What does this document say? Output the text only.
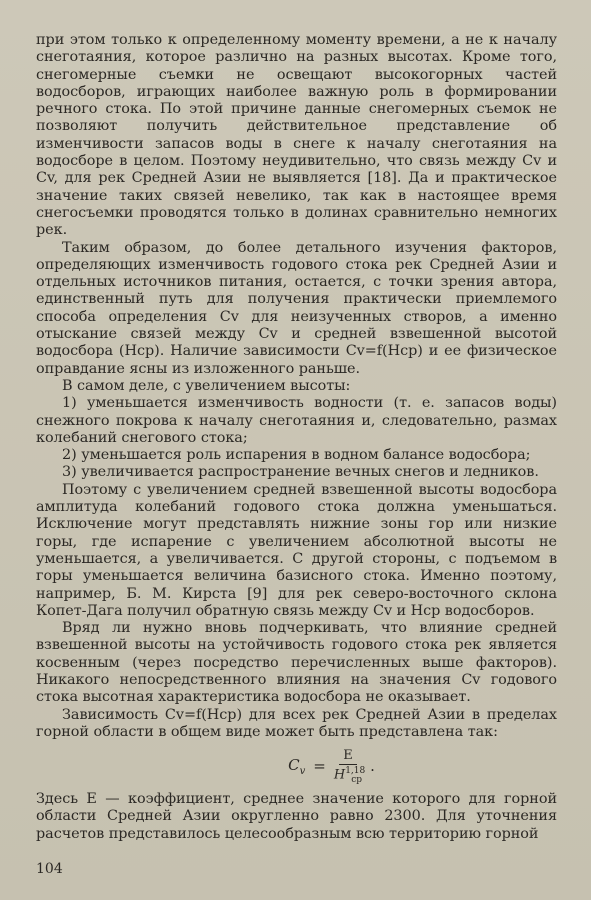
при этом только к определенному моменту времени, а не к началу снеготаяния, которое различно на разных высотах. Кроме того, снегомерные съемки не освещают высокогорных частей водосборов, играющих наиболее важную роль в формировании речного стока. По этой причине данные снегомерных съемок не позволяют получить действительное представление об изменчивости запасов воды в снеге к началу снеготаяния на водосборе в целом. Поэтому неудивительно, что связь между Cv и Cv, для рек Средней Азии не выявляется [18]. Да и практическое значение таких связей невелико, так как в настоящее время снегосъемки проводятся только в долинах сравнительно немногих рек.

Таким образом, до более детального изучения факторов, определяющих изменчивость годового стока рек Средней Азии и отдельных источников питания, остается, с точки зрения автора, единственный путь для получения практически приемлемого способа определения Cv для неизученных створов, а именно отыскание связей между Cv и средней взвешенной высотой водосбора (Hср). Наличие зависимости Cv=f(Hср) и ее физическое оправдание ясны из изложенного раньше.

В самом деле, с увеличением высоты:

1) уменьшается изменчивость водности (т. е. запасов воды) снежного покрова к началу снеготаяния и, следовательно, размах колебаний снегового стока;

2) уменьшается роль испарения в водном балансе водосбора;

3) увеличивается распространение вечных снегов и ледников.

Поэтому с увеличением средней взвешенной высоты водосбора амплитуда колебаний годового стока должна уменьшаться. Исключение могут представлять нижние зоны гор или низкие горы, где испарение с увеличением абсолютной высоты не уменьшается, а увеличивается. С другой стороны, с подъемом в горы уменьшается величина базисного стока. Именно поэтому, например, Б. М. Кирста [9] для рек северо-восточного склона Копет-Дага получил обратную связь между Cv и Hср водосборов.

Вряд ли нужно вновь подчеркивать, что влияние средней взвешенной высоты на устойчивость годового стока рек является косвенным (через посредство перечисленных выше факторов). Никакого непосредственного влияния на значения Cv годового стока высотная характеристика водосбора не оказывает.

Зависимость Cv=f(Hср) для всех рек Средней Азии в пределах горной области в общем виде может быть представлена так:

$C_v = \frac{E}{H^{1,18}_{ср}}$ .

Здесь E — коэффициент, среднее значение которого для горной области Средней Азии округленно равно 2300. Для уточнения расчетов представилось целесообразным всю территорию горной

104
